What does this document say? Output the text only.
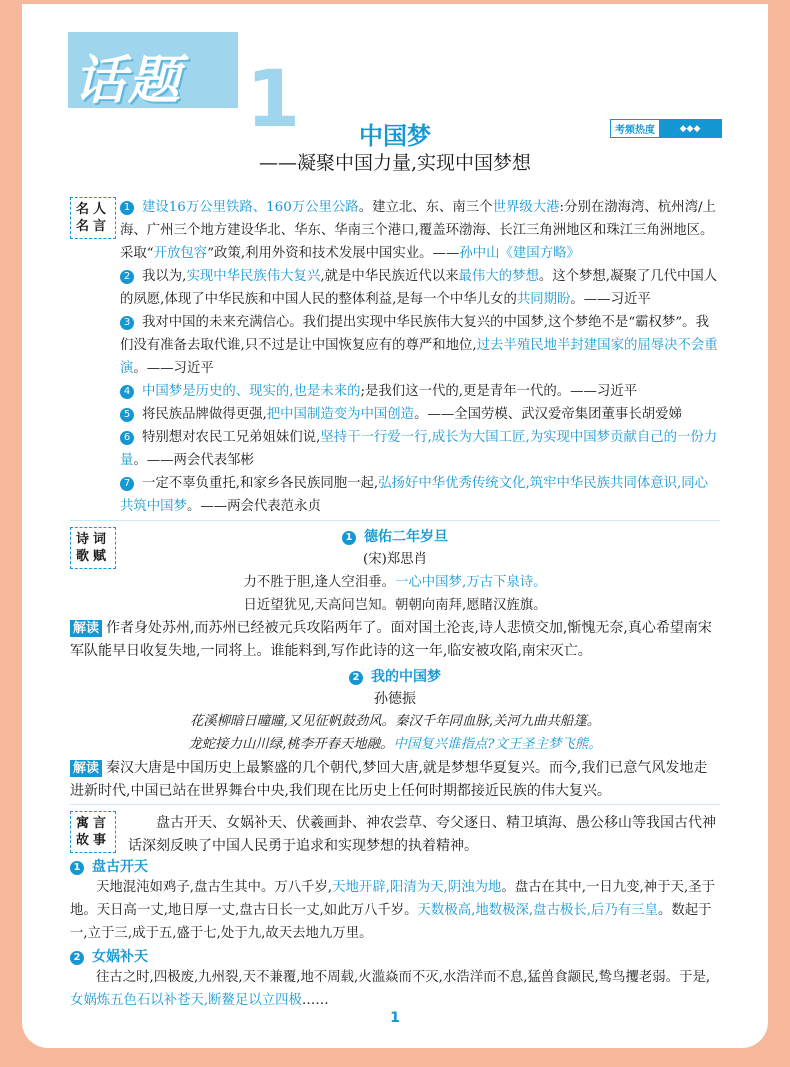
话题 1	中国梦
——凝聚中国力量,实现中国梦想
考频热度	◆◆◆
名人名言

1 建设16万公里铁路、160万公里公路。建立北、东、南三个世界级大港:分别在渤海湾、杭州湾/上海、广州三个地方建设华北、华东、华南三个港口,覆盖环渤海、长江三角洲地区和珠江三角洲地区。采取“开放包容”政策,利用外资和技术发展中国实业。——孙中山《建国方略》

2 我以为,实现中华民族伟大复兴,就是中华民族近代以来最伟大的梦想。这个梦想,凝聚了几代中国人的夙愿,体现了中华民族和中国人民的整体利益,是每一个中华儿女的共同期盼。——习近平

3 我对中国的未来充满信心。我们提出实现中华民族伟大复兴的中国梦,这个梦绝不是“霸权梦”。我们没有准备去取代谁,只不过是让中国恢复应有的尊严和地位,过去半殖民地半封建国家的屈辱决不会重演。——习近平

4 中国梦是历史的、现实的,也是未来的;是我们这一代的,更是青年一代的。——习近平

5 将民族品牌做得更强,把中国制造变为中国创造。——全国劳模、武汉爱帝集团董事长胡爱娣

6 特别想对农民工兄弟姐妹们说,坚持干一行爱一行,成长为大国工匠,为实现中国梦贡献自己的一份力量。——两会代表邹彬

7 一定不辜负重托,和家乡各民族同胞一起,弘扬好中华优秀传统文化,筑牢中华民族共同体意识,同心共筑中国梦。——两会代表范永贞

诗词歌赋
1 德佑二年岁旦
(宋)郑思肖
力不胜于胆,逢人空泪垂。一心中国梦,万古下泉诗。
日近望犹见,天高问岂知。朝朝向南拜,愿睹汉旌旗。
解读 作者身处苏州,而苏州已经被元兵攻陷两年了。面对国土沦丧,诗人悲愤交加,惭愧无奈,真心希望南宋军队能早日收复失地,一同将上。谁能料到,写作此诗的这一年,临安被攻陷,南宋灭亡。
2 我的中国梦
孙德振
花溪柳暗日曈曈,又见征帆鼓劲风。秦汉千年同血脉,关河九曲共船篷。
龙蛇接力山川绿,桃李开春天地融。中国复兴谁指点?文王圣主梦飞熊。
解读 秦汉大唐是中国历史上最繁盛的几个朝代,梦回大唐,就是梦想华夏复兴。而今,我们已意气风发地走进新时代,中国已站在世界舞台中央,我们现在比历史上任何时期都接近民族的伟大复兴。
寓言故事
盘古开天、女娲补天、伏羲画卦、神农尝草、夸父逐日、精卫填海、愚公移山等我国古代神话深刻反映了中国人民勇于追求和实现梦想的执着精神。
1 盘古开天
天地混沌如鸡子,盘古生其中。万八千岁,天地开辟,阳清为天,阴浊为地。盘古在其中,一日九变,神于天,圣于地。天日高一丈,地日厚一丈,盘古日长一丈,如此万八千岁。天数极高,地数极深,盘古极长,后乃有三皇。数起于一,立于三,成于五,盛于七,处于九,故天去地九万里。
2 女娲补天
往古之时,四极废,九州裂,天不兼覆,地不周载,火滥焱而不灭,水浩洋而不息,猛兽食颛民,鸷鸟攫老弱。于是,女娲炼五色石以补苍天,断鳌足以立四极……
1
